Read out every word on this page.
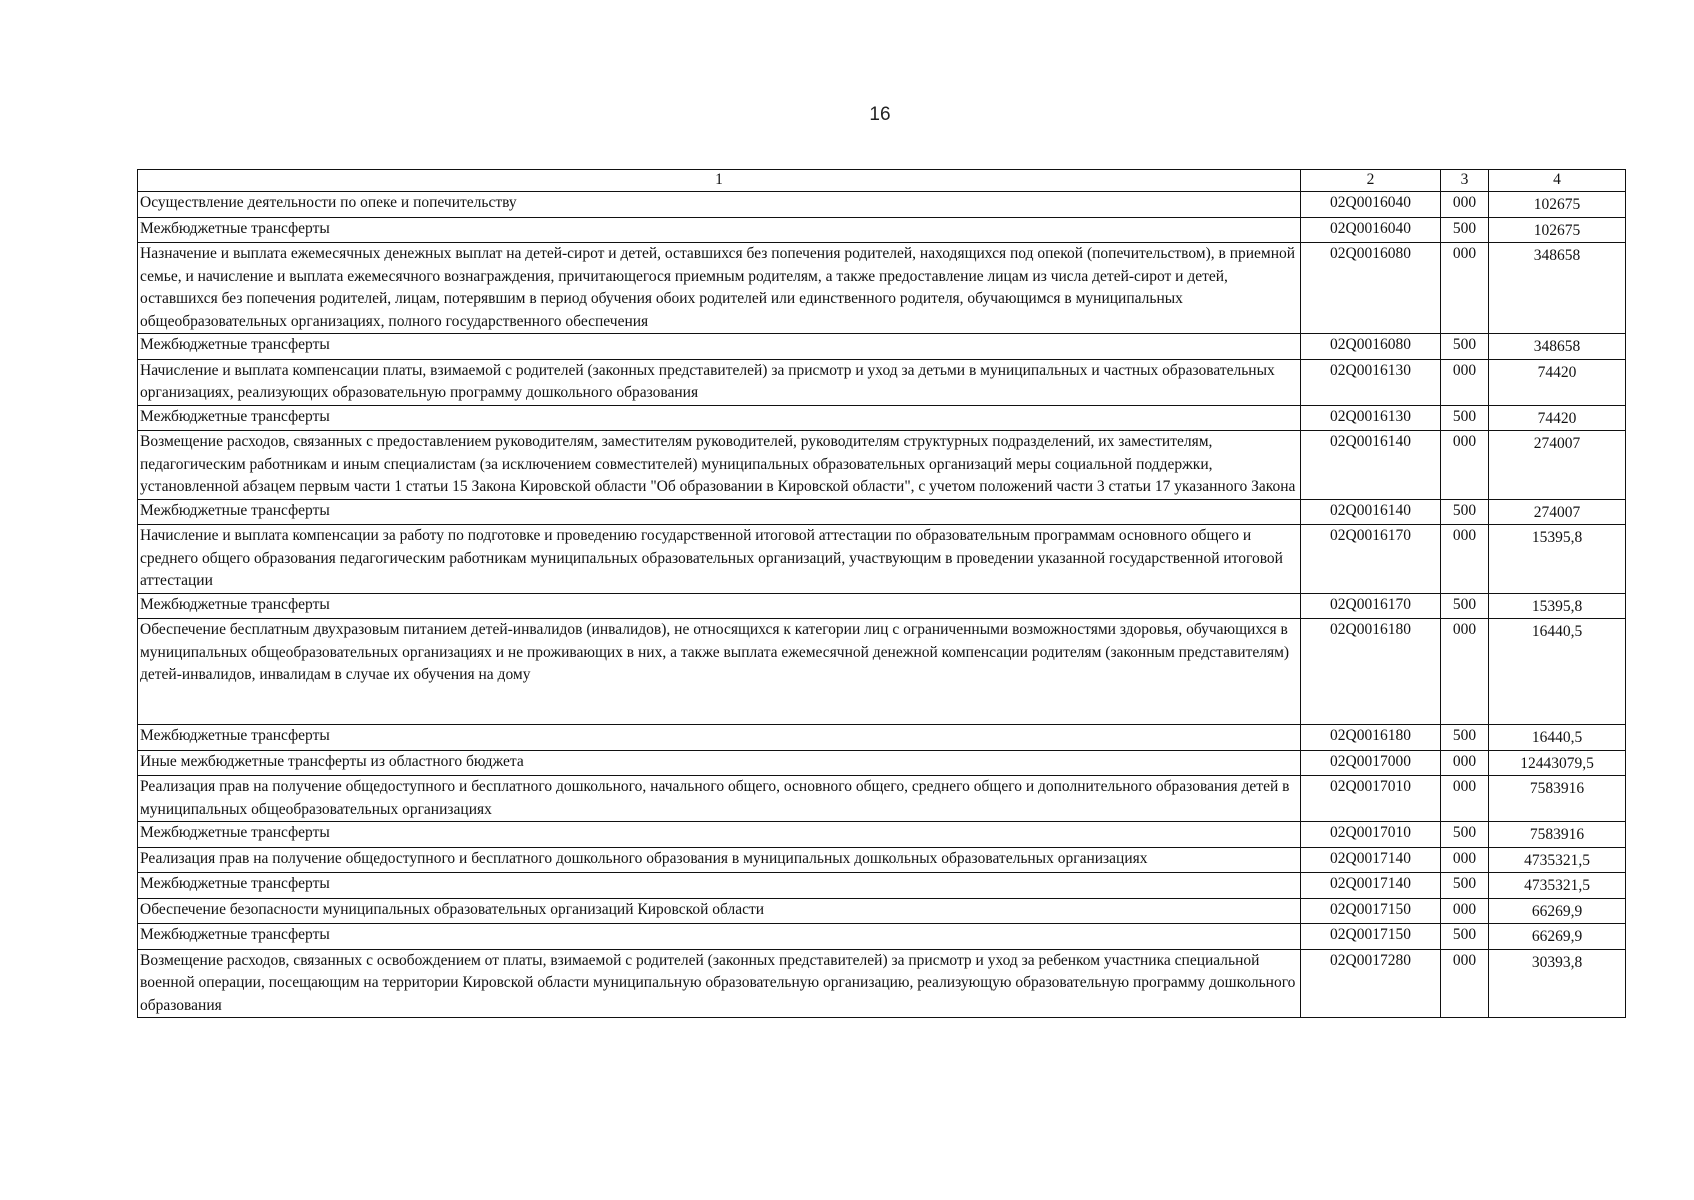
16
1	2	3	4
Осуществление деятельности по опеке и попечительству	02Q0016040	000	102675
Межбюджетные трансферты	02Q0016040	500	102675
Назначение и выплата ежемесячных денежных выплат на детей-сирот и детей, оставшихся без попечения родителей, находящихся под опекой (попечительством), в приемной семье, и начисление и выплата ежемесячного вознаграждения, причитающегося приемным родителям, а также предоставление лицам из числа детей-сирот и детей, оставшихся без попечения родителей, лицам, потерявшим в период обучения обоих родителей или единственного родителя, обучающимся в муниципальных общеобразовательных организациях, полного государственного обеспечения	02Q0016080	000	348658
Межбюджетные трансферты	02Q0016080	500	348658
Начисление и выплата компенсации платы, взимаемой с родителей (законных представителей) за присмотр и уход за детьми в муниципальных и частных образовательных организациях, реализующих образовательную программу дошкольного образования	02Q0016130	000	74420
Межбюджетные трансферты	02Q0016130	500	74420
Возмещение расходов, связанных с предоставлением руководителям, заместителям руководителей, руководителям структурных подразделений, их заместителям, педагогическим работникам и иным специалистам (за исключением совместителей) муниципальных образовательных организаций меры социальной поддержки, установленной абзацем первым части 1 статьи 15 Закона Кировской области "Об образовании в Кировской области", с учетом положений части 3 статьи 17 указанного Закона	02Q0016140	000	274007
Межбюджетные трансферты	02Q0016140	500	274007
Начисление и выплата компенсации за работу по подготовке и проведению государственной итоговой аттестации по образовательным программам основного общего и среднего общего образования педагогическим работникам муниципальных образовательных организаций, участвующим в проведении указанной государственной итоговой аттестации	02Q0016170	000	15395,8
Межбюджетные трансферты	02Q0016170	500	15395,8
Обеспечение бесплатным двухразовым питанием детей-инвалидов (инвалидов), не относящихся к категории лиц с ограниченными возможностями здоровья, обучающихся в муниципальных общеобразовательных организациях и не проживающих в них, а также выплата ежемесячной денежной компенсации родителям (законным представителям) детей-инвалидов, инвалидам в случае их обучения на дому	02Q0016180	000	16440,5
Межбюджетные трансферты	02Q0016180	500	16440,5
Иные межбюджетные трансферты из областного бюджета	02Q0017000	000	12443079,5
Реализация прав на получение общедоступного и бесплатного дошкольного, начального общего, основного общего, среднего общего и дополнительного образования детей в муниципальных общеобразовательных организациях	02Q0017010	000	7583916
Межбюджетные трансферты	02Q0017010	500	7583916
Реализация прав на получение общедоступного и бесплатного дошкольного образования в муниципальных дошкольных образовательных организациях	02Q0017140	000	4735321,5
Межбюджетные трансферты	02Q0017140	500	4735321,5
Обеспечение безопасности муниципальных образовательных организаций Кировской области	02Q0017150	000	66269,9
Межбюджетные трансферты	02Q0017150	500	66269,9
Возмещение расходов, связанных с освобождением от платы, взимаемой с родителей (законных представителей) за присмотр и уход за ребенком участника специальной военной операции, посещающим на территории Кировской области муниципальную образовательную организацию, реализующую образовательную программу дошкольного образования	02Q0017280	000	30393,8
